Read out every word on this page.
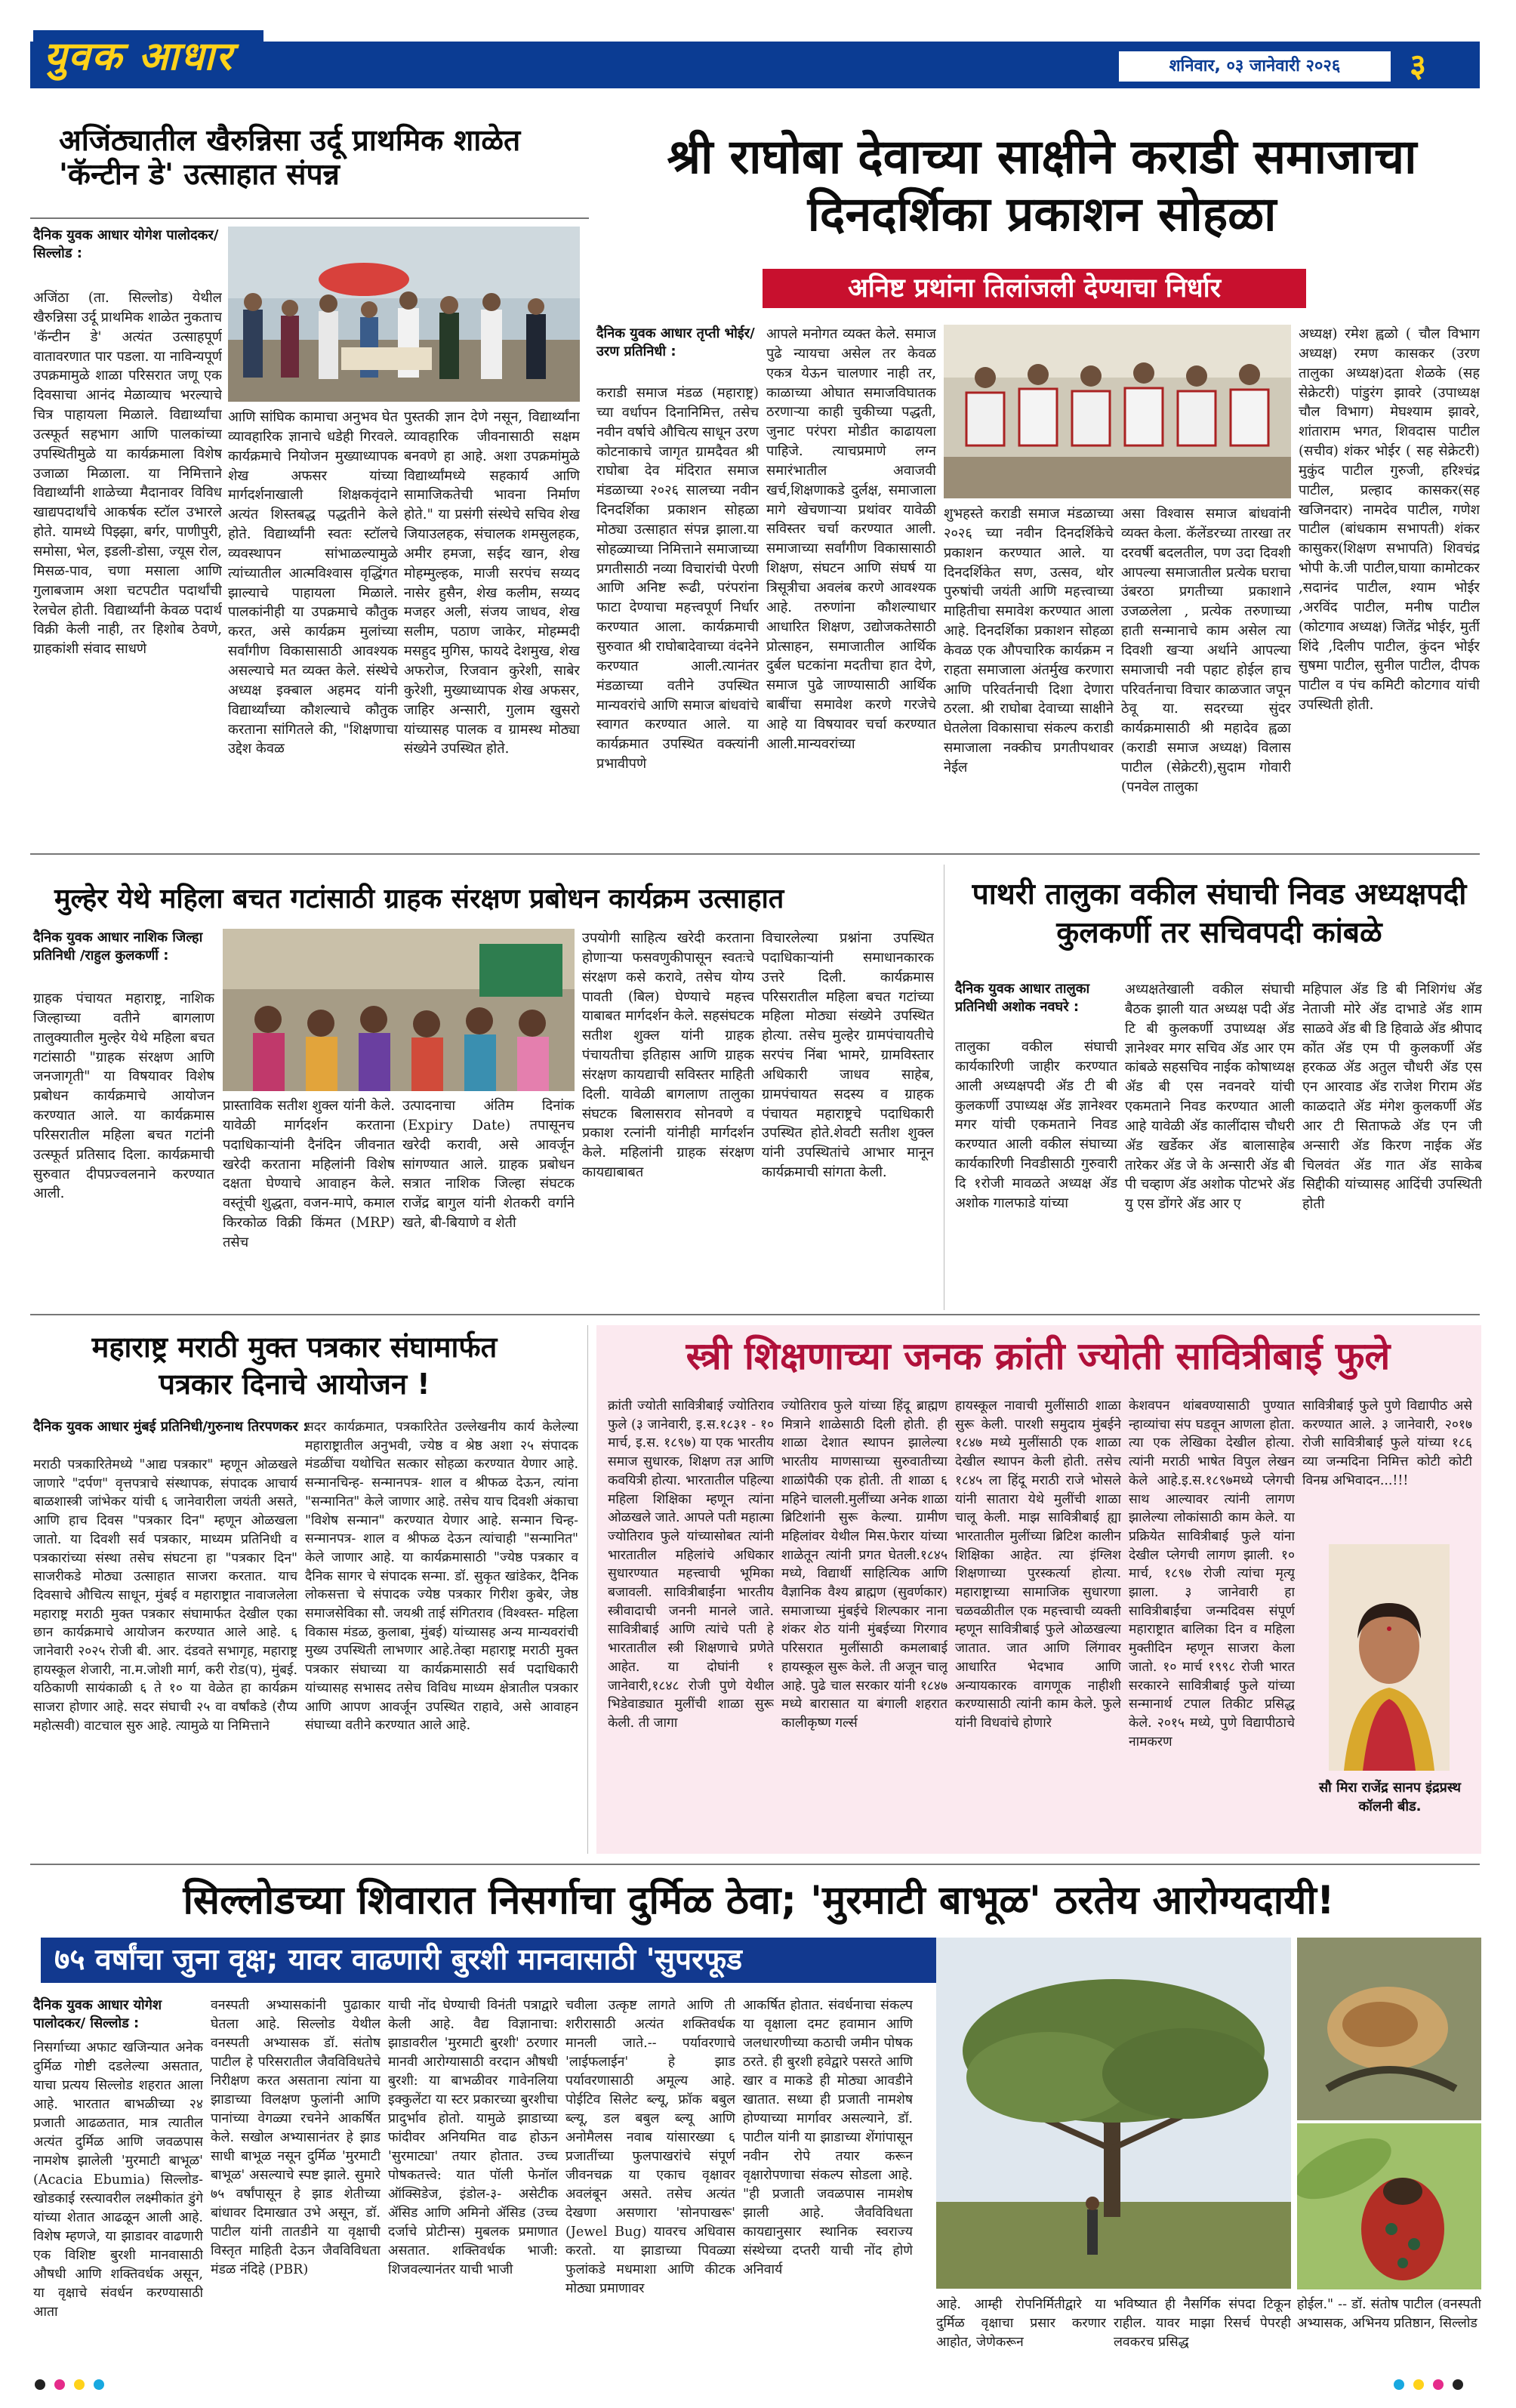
युवक आधार	शनिवार, ०३ जानेवारी २०२६	३
अजिंठ्यातील खैरुन्निसा उर्दू प्राथमिक शाळेत 'कॅन्टीन डे' उत्साहात संपन्न
दैनिक युवक आधार योगेश पालोदकर/ सिल्लोड :
अजिंठा (ता. सिल्लोड) येथील खैरुन्निसा उर्दू प्राथमिक शाळेत नुकताच 'कॅन्टीन डे' अत्यंत उत्साहपूर्ण वातावरणात पार पडला. या नाविन्यपूर्ण उपक्रमामुळे शाळा परिसरात जणू एक दिवसाचा आनंद मेळाव्याच भरल्याचे चित्र पाहायला मिळाले. विद्यार्थ्यांचा उत्स्फूर्त सहभाग आणि पालकांच्या उपस्थितीमुळे या कार्यक्रमाला विशेष उजाळा मिळाला. या निमित्ताने विद्यार्थ्यांनी शाळेच्या मैदानावर विविध खाद्यपदार्थांचे आकर्षक स्टॉल उभारले होते. यामध्ये पिझ्झा, बर्गर, पाणीपुरी, समोसा, भेल, इडली-डोसा, ज्यूस रोल, मिसळ-पाव, चणा मसाला आणि गुलाबजाम अशा चटपटीत पदार्थांची रेलचेल होती. विद्यार्थ्यांनी केवळ पदार्थ विक्री केली नाही, तर हिशोब ठेवणे, ग्राहकांशी संवाद साधणे
आणि सांघिक कामाचा अनुभव घेत व्यावहारिक ज्ञानाचे धडेही गिरवले. कार्यक्रमाचे नियोजन मुख्याध्यापक शेख अफसर यांच्या मार्गदर्शनाखाली शिक्षकवृंदाने अत्यंत शिस्तबद्ध पद्धतीने केले होते. विद्यार्थ्यांनी स्वतः स्टॉलचे व्यवस्थापन सांभाळल्यामुळे त्यांच्यातील आत्मविश्वास वृद्धिंगत झाल्याचे पाहायला मिळाले. पालकांनीही या उपक्रमाचे कौतुक करत, असे कार्यक्रम मुलांच्या सर्वांगीण विकासासाठी आवश्यक असल्याचे मत व्यक्त केले. संस्थेचे अध्यक्ष इक्बाल अहमद यांनी विद्यार्थ्यांच्या कौशल्याचे कौतुक करताना सांगितले की, "शिक्षणाचा उद्देश केवळ
पुस्तकी ज्ञान देणे नसून, विद्यार्थ्यांना व्यावहारिक जीवनासाठी सक्षम बनवणे हा आहे. अशा उपक्रमांमुळे विद्यार्थ्यांमध्ये सहकार्य आणि सामाजिकतेची भावना निर्माण होते." या प्रसंगी संस्थेचे सचिव शेख जियाउलहक, संचालक शमसुलहक, अमीर हमजा, सईद खान, शेख मोहम्मुल्हक, माजी सरपंच सय्यद नासेर हुसैन, शेख कलीम, सय्यद मजहर अली, संजय जाधव, शेख सलीम, पठाण जाकेर, मोहम्मदी मसहुद मुगिस, फायदे देशमुख, शेख अफरोज, रिजवान कुरेशी, साबेर कुरेशी, मुख्याध्यापक शेख अफसर, जाहिर अन्सारी, गुलाम खुसरो यांच्यासह पालक व ग्रामस्थ मोठ्या संख्येने उपस्थित होते.
श्री राघोबा देवाच्या साक्षीने कराडी समाजाचा दिनदर्शिका प्रकाशन सोहळा
अनिष्ट प्रथांना तिलांजली देण्याचा निर्धार
दैनिक युवक आधार तृप्ती भोईर/उरण प्रतिनिधी :
कराडी समाज मंडळ (महाराष्ट्र) च्या वर्धापन दिनानिमित्त, तसेच नवीन वर्षाचे औचित्य साधून उरण कोटनाकाचे जागृत ग्रामदैवत श्री राघोबा देव मंदिरात समाज मंडळाच्या २०२६ सालच्या नवीन दिनदर्शिका प्रकाशन सोहळा मोठ्या उत्साहात संपन्न झाला.या सोहळ्याच्या निमित्ताने समाजाच्या प्रगतीसाठी नव्या विचारांची पेरणी आणि अनिष्ट रूढी, परंपरांना फाटा देण्याचा महत्त्वपूर्ण निर्धार करण्यात आला. कार्यक्रमाची सुरुवात श्री राघोबादेवाच्या वंदनेने करण्यात आली.त्यानंतर मंडळाच्या वतीने उपस्थित मान्यवरांचे आणि समाज बांधवांचे स्वागत करण्यात आले. या कार्यक्रमात उपस्थित वक्त्यांनी प्रभावीपणे
आपले मनोगत व्यक्त केले. समाज पुढे न्यायचा असेल तर केवळ एकत्र येऊन चालणार नाही तर, काळाच्या ओघात समाजविघातक ठरणाऱ्या काही चुकीच्या पद्धती, जुनाट परंपरा मोडीत काढायला पाहिजे. त्याचप्रमाणे लग्न समारंभातील अवाजवी खर्च,शिक्षणाकडे दुर्लक्ष, समाजाला मागे खेचणाऱ्या प्रथांवर यावेळी सविस्तर चर्चा करण्यात आली. समाजाच्या सर्वांगीण विकासासाठी शिक्षण, संघटन आणि संघर्ष या त्रिसूत्रीचा अवलंब करणे आवश्यक आहे. तरुणांना कौशल्याधार आधारित शिक्षण, उद्योजकतेसाठी प्रोत्साहन, समाजातील आर्थिक दुर्बल घटकांना मदतीचा हात देणे, समाज पुढे जाण्यासाठी आर्थिक बाबींचा समावेश करणे गरजेचे आहे या विषयावर चर्चा करण्यात आली.मान्यवरांच्या
शुभहस्ते कराडी समाज मंडळाच्या २०२६ च्या नवीन दिनदर्शिकेचे प्रकाशन करण्यात आले. या दिनदर्शिकेत सण, उत्सव, थोर पुरुषांची जयंती आणि महत्त्वाच्या माहितीचा समावेश करण्यात आला आहे. दिनदर्शिका प्रकाशन सोहळा केवळ एक औपचारिक कार्यक्रम न राहता समाजाला अंतर्मुख करणारा आणि परिवर्तनाची दिशा देणारा ठरला. श्री राघोबा देवाच्या साक्षीने घेतलेला विकासाचा संकल्प कराडी समाजाला नक्कीच प्रगतीपथावर नेईल
असा विश्वास समाज बांधवांनी व्यक्त केला. कॅलेंडरच्या तारखा तर दरवर्षी बदलतील, पण उदा दिवशी आपल्या समाजातील प्रत्येक घराचा उंबरठा प्रगतीच्या प्रकाशाने उजळलेला , प्रत्येक तरुणाच्या हाती सन्मानाचे काम असेल त्या दिवशी खऱ्या अर्थाने आपल्या समाजाची नवी पहाट होईल हाच परिवर्तनाचा विचार काळजात जपून ठेवू या. सदरच्या सुंदर कार्यक्रमासाठी श्री महादेव ह्वळा (कराडी समाज अध्यक्ष) विलास पाटील (सेक्रेटरी),सुदाम गोवारी (पनवेल तालुका
अध्यक्ष) रमेश ह्वळो ( चौल विभाग अध्यक्ष) रमण कासकर (उरण तालुका अध्यक्ष)दता शेळके (सह सेक्रेटरी) पांडुरंग झावरे (उपाध्यक्ष चौल विभाग) मेघश्याम झावरे, शांताराम भगत, शिवदास पाटील (सचीव) शंकर भोईर ( सह सेक्रेटरी) मुकुंद पाटील गुरुजी, हरिश्चंद्र पाटील, प्रल्हाद कासकर(सह खजिनदार) नामदेव पाटील, गणेश पाटील (बांधकाम सभापती) शंकर कासुकर(शिक्षण सभापति) शिवचंद्र भोपी के.जी पाटील,घायाा कामोटकर ,सदानंद पाटील, श्याम भोईर ,अरविंद पाटील, मनीष पाटील (कोटगाव अध्यक्ष) जितेंद्र भोईर, मुर्ती शिंदे ,दिलीप पाटील, कुंदन भोईर सुषमा पाटील, सुनील पाटील, दीपक पाटील व पंच कमिटी कोटगाव यांची उपस्थिती होती.
मुल्हेर येथे महिला बचत गटांसाठी ग्राहक संरक्षण प्रबोधन कार्यक्रम उत्साहात
दैनिक युवक आधार नाशिक जिल्हा प्रतिनिधी /राहुल कुलकर्णी :
ग्राहक पंचायत महाराष्ट्र, नाशिक जिल्हाच्या वतीने बागलाण तालुक्यातील मुल्हेर येथे महिला बचत गटांसाठी "ग्राहक संरक्षण आणि जनजागृती" या विषयावर विशेष प्रबोधन कार्यक्रमाचे आयोजन करण्यात आले. या कार्यक्रमास परिसरातील महिला बचत गटांनी उत्स्फूर्त प्रतिसाद दिला. कार्यक्रमाची सुरुवात दीपप्रज्वलनाने करण्यात आली.
प्रास्ताविक सतीश शुक्ल यांनी केले. यावेळी मार्गदर्शन करताना पदाधिकाऱ्यांनी दैनंदिन जीवनात खरेदी करताना महिलांनी विशेष दक्षता घेण्याचे आवाहन केले. वस्तूंची शुद्धता, वजन-मापे, कमाल किरकोळ विक्री किंमत (MRP) तसेच
उत्पादनाचा अंतिम दिनांक (Expiry Date) तपासूनच खरेदी करावी, असे आवर्जून सांगण्यात आले. ग्राहक प्रबोधन सत्रात नाशिक जिल्हा संघटक राजेंद्र बागुल यांनी शेतकरी वर्गाने खते, बी-बियाणे व शेती
उपयोगी साहित्य खरेदी करताना होणाऱ्या फसवणुकीपासून स्वतःचे संरक्षण कसे करावे, तसेच योग्य पावती (बिल) घेण्याचे महत्त्व याबाबत मार्गदर्शन केले. सहसंघटक सतीश शुक्ल यांनी ग्राहक पंचायतीचा इतिहास आणि ग्राहक संरक्षण कायद्याची सविस्तर माहिती दिली. यावेळी बागलाण तालुका संघटक बिलासराव सोनवणे व प्रकाश रत्नांनी यांनीही मार्गदर्शन केले. महिलांनी ग्राहक संरक्षण कायद्याबाबत
विचारलेल्या प्रश्नांना उपस्थित पदाधिकाऱ्यांनी समाधानकारक उत्तरे दिली. कार्यक्रमास परिसरातील महिला बचत गटांच्या महिला मोठ्या संख्येने उपस्थित होत्या. तसेच मुल्हेर ग्रामपंचायतीचे सरपंच निंबा भामरे, ग्रामविस्तार अधिकारी जाधव साहेब, ग्रामपंचायत सदस्य व ग्राहक पंचायत महाराष्ट्रचे पदाधिकारी उपस्थित होते.शेवटी सतीश शुक्ल यांनी उपस्थितांचे आभार मानून कार्यक्रमाची सांगता केली.
पाथरी तालुका वकील संघाची निवड अध्यक्षपदी कुलकर्णी तर सचिवपदी कांबळे
दैनिक युवक आधार तालुका प्रतिनिधी अशोक नवघरे :
तालुका वकील संघाची कार्यकारिणी जाहीर करण्यात आली अध्यक्षपदी ॲड टी बी कुलकर्णी उपाध्यक्ष ॲड ज्ञानेश्वर मगर यांची एकमताने निवड करण्यात आली वकील संघाच्या कार्यकारिणी निवडीसाठी गुरुवारी दि १रोजी मावळते अध्यक्ष ॲड अशोक गालफाडे यांच्या
अध्यक्षतेखाली वकील संघाची बैठक झाली यात अध्यक्ष पदी ॲड टि बी कुलकर्णी उपाध्यक्ष ॲड ज्ञानेश्वर मगर सचिव ॲड आर एम कांबळे सहसचिव नाईक कोषाध्यक्ष ॲड बी एस नवनवरे यांची एकमताने निवड करण्यात आली आहे यावेळी ॲड कालींदास चौधरी ॲड खर्डेकर ॲड बालासाहेब तारेकर ॲड जे के अन्सारी ॲड बी पी चव्हाण ॲड अशोक पोटभरे ॲड यु एस डोंगरे ॲड आर ए
महिपाल ॲड डि बी निशिगंध ॲड नेताजी मोरे ॲड दाभाडे ॲड शाम साळवे ॲड बी डि हिवाळे ॲड श्रीपाद कोंत ॲड एम पी कुलकर्णी ॲड हरकळ ॲड अतुल चौधरी ॲड एस एन आरवाड ॲड राजेश गिराम ॲड काळदाते ॲड मंगेश कुलकर्णी ॲड आर टी सिताफळे ॲड एन जी अन्सारी ॲड किरण नाईक ॲड चिलवंत ॲड गात ॲड साकेब सिद्दीकी यांच्यासह आदिंची उपस्थिती होती
महाराष्ट्र मराठी मुक्त पत्रकार संघामार्फत पत्रकार दिनाचे आयोजन !
दैनिक युवक आधार मुंबई प्रतिनिधी/गुरुनाथ तिरपणकर :
मराठी पत्रकारितेमध्ये "आद्य पत्रकार" म्हणून ओळखले जाणारे "दर्पण" वृत्तपत्राचे संस्थापक, संपादक आचार्य बाळशास्त्री जांभेकर यांची ६ जानेवारीला जयंती असते, आणि हाच दिवस "पत्रकार दिन" म्हणून ओळखला जातो. या दिवशी सर्व पत्रकार, माध्यम प्रतिनिधी व पत्रकारांच्या संस्था तसेच संघटना हा "पत्रकार दिन" साजरीकडे मोठ्या उत्साहात साजरा करतात. याच दिवसाचे औचित्य साधून, मुंबई व महाराष्ट्रात नावाजलेला महाराष्ट्र मराठी मुक्त पत्रकार संघामार्फत देखील एका छान कार्यक्रमाचे आयोजन करण्यात आले आहे. ६ जानेवारी २०२५ रोजी बी. आर. दंडवते सभागृह, महाराष्ट्र हायस्कूल शेजारी, ना.म.जोशी मार्ग, करी रोड(प), मुंबई. यठिकाणी सायंकाळी ६ ते १० या वेळेत हा कार्यक्रम साजरा होणार आहे. सदर संघाची २५ वा वर्षांकडे (रौप्य महोत्सवी) वाटचाल सुरु आहे. त्यामुळे या निमित्ताने
सदर कार्यक्रमात, पत्रकारितेत उल्लेखनीय कार्य केलेल्या महाराष्ट्रातील अनुभवी, ज्येष्ठ व श्रेष्ठ अशा २५ संपादक मंडळींचा यथोचित सत्कार सोहळा करण्यात येणार आहे. सन्मानचिन्ह- सन्मानपत्र- शाल व श्रीफळ देऊन, त्यांना "सन्मानित" केले जाणार आहे. तसेच याच दिवशी अंकाचा "विशेष सन्मान" करण्यात येणार आहे. सन्मान चिन्ह- सन्मानपत्र- शाल व श्रीफळ देऊन त्यांचाही "सन्मानित" केले जाणार आहे. या कार्यक्रमासाठी "ज्येष्ठ पत्रकार व दैनिक सागर चे संपादक सन्मा. डॉ. सुकृत खांडेकर, दैनिक लोकसत्ता चे संपादक ज्येष्ठ पत्रकार गिरीश कुबेर, जेष्ठ समाजसेविका सौ. जयश्री ताई संगितराव (विश्वस्त- महिला विकास मंडळ, कुलाबा, मुंबई) यांच्यासह अन्य मान्यवरांची मुख्य उपस्थिती लाभणार आहे.तेव्हा महाराष्ट्र मराठी मुक्त पत्रकार संघाच्या या कार्यक्रमासाठी सर्व पदाधिकारी यांच्यासह सभासद तसेच विविध माध्यम क्षेत्रातील पत्रकार आणि आपण आवर्जून उपस्थित राहावे, असे आवाहन संघाच्या वतीने करण्यात आले आहे.
स्त्री शिक्षणाच्या जनक क्रांती ज्योती सावित्रीबाई फुले
क्रांती ज्योती सावित्रीबाई ज्योतिराव फुले (३ जानेवारी, इ.स.१८३१ - १० मार्च, इ.स. १८९७) या एक भारतीय समाज सुधारक, शिक्षण तज्ञ आणि कवयित्री होत्या. भारतातील पहिल्या महिला शिक्षिका म्हणून त्यांना ओळखले जाते. आपले पती महात्मा ज्योतिराव फुले यांच्यासोबत त्यांनी भारतातील महिलांचे अधिकार सुधारण्यात महत्त्वाची भूमिका बजावली. सावित्रीबाईंना भारतीय स्त्रीवादाची जननी मानले जाते. सावित्रीबाई आणि त्यांचे पती हे भारतातील स्त्री शिक्षणाचे प्रणेते आहेत. या दोघांनी १ जानेवारी,१८४८ रोजी पुणे येथील भिडेवाड्यात मुलींची शाळा सुरू केली. ती जागा
ज्योतिराव फुले यांच्या हिंदू ब्राह्मण मित्राने शाळेसाठी दिली होती. ही शाळा देशात स्थापन झालेल्या भारतीय माणसाच्या सुरुवातीच्या शाळांपैकी एक होती. ती शाळा ६ महिने चालली.मुलींच्या अनेक शाळा ब्रिटिशांनी सुरू केल्या. ग्रामीण महिलांवर येथील मिस.फेरार यांच्या शाळेतून त्यांनी प्रगत घेतली.१८४५ मध्ये, विद्यार्थी साहित्यिक आणि वैज्ञानिक वैश्य ब्राह्मण (सुवर्णकार) समाजाच्या मुंबईचे शिल्पकार नाना शंकर शेठ यांनी मुंबईच्या गिरगाव परिसरात मुलींसाठी कमलाबाई हायस्कूल सुरू केले. ती अजून चालू आहे. पुढे चाल सरकार यांनी १८४७ मध्ये बारासात या बंगाली शहरात कालीकृष्ण गर्ल्स
हायस्कूल नावाची मुलींसाठी शाळा सुरू केली. पारशी समुदाय मुंबईने १८४७ मध्ये मुलींसाठी एक शाळा देखील स्थापन केली होती. तसेच १८४५ ला हिंदू मराठी राजे भोसले यांनी सातारा येथे मुलींची शाळा चालू केली. माझ सावित्रीबाई ह्या भारतातील मुलींच्या ब्रिटिश कालीन शिक्षिका आहेत. त्या इंग्लिश शिक्षणाच्या पुरस्कर्त्या होत्या. महाराष्ट्राच्या सामाजिक सुधारणा चळवळीतील एक महत्त्वाची व्यक्ती म्हणून सावित्रीबाई फुले ओळखल्या जातात. जात आणि लिंगावर आधारित भेदभाव आणि अन्यायकारक वागणूक नाहीशी करण्यासाठी त्यांनी काम केले. फुले यांनी विधवांचे होणारे
केशवपन थांबवण्यासाठी पुण्यात न्हाव्यांचा संप घडवून आणला होता. त्या एक लेखिका देखील होत्या. त्यांनी मराठी भाषेत विपुल लेखन केले आहे.इ.स.१८९७मध्ये प्लेगची साथ आल्यावर त्यांनी लागण झालेल्या लोकांसाठी काम केले. या प्रक्रियेत सावित्रीबाई फुले यांना देखील प्लेगची लागण झाली. १० मार्च, १८९७ रोजी त्यांचा मृत्यू झाला. ३ जानेवारी हा सावित्रीबाईंचा जन्मदिवस संपूर्ण महाराष्ट्रात बालिका दिन व महिला मुक्तीदिन म्हणून साजरा केला जातो. १० मार्च १९९८ रोजी भारत सरकारने सावित्रीबाई फुले यांच्या सन्मानार्थ टपाल तिकीट प्रसिद्ध केले. २०१५ मध्ये, पुणे विद्यापीठाचे नामकरण
सावित्रीबाई फुले पुणे विद्यापीठ असे करण्यात आले. ३ जानेवारी, २०१७ रोजी सावित्रीबाई फुले यांच्या १८६ व्या जन्मदिना निमित्त कोटी कोटी विनम्र अभिवादन...!!!
सौ मिरा राजेंद्र सानप इंद्रप्रस्थ कॉलनी बीड.
सिल्लोडच्या शिवारात निसर्गाचा दुर्मिळ ठेवा; 'मुरमाटी बाभूळ' ठरतेय आरोग्यदायी!
७५ वर्षांचा जुना वृक्ष; यावर वाढणारी बुरशी मानवासाठी 'सुपरफूड
दैनिक युवक आधार योगेश पालोदकर/ सिल्लोड :
निसर्गाच्या अफाट खजिन्यात अनेक दुर्मिळ गोष्टी दडलेल्या असतात, याचा प्रत्यय सिल्लोड शहरात आला आहे. भारतात बाभळीच्या २४ प्रजाती आढळतात, मात्र त्यातील अत्यंत दुर्मिळ आणि जवळपास नामशेष झालेली 'मुरमाटी बाभूळ' (Acacia Ebumia) सिल्लोड-खोडकाई रस्त्यावरील लक्ष्मीकांत डुंगे यांच्या शेतात आढळून आली आहे. विशेष म्हणजे, या झाडावर वाढणारी एक विशिष्ट बुरशी मानवासाठी औषधी आणि शक्तिवर्धक असून, या वृक्षाचे संवर्धन करण्यासाठी आता
वनस्पती अभ्यासकांनी पुढाकार घेतला आहे. सिल्लोड येथील वनस्पती अभ्यासक डॉ. संतोष पाटील हे परिसरातील जैवविविधतेचे निरीक्षण करत असताना त्यांना या झाडाच्या विलक्षण फुलांनी आणि पानांच्या वेगळ्या रचनेने आकर्षित केले. सखोल अभ्यासानंतर हे झाड साधी बाभूळ नसून दुर्मिळ 'मुरमाटी बाभूळ' असल्याचे स्पष्ट झाले. सुमारे ७५ वर्षांपासून हे झाड शेतीच्या बांधावर दिमाखात उभे असून, डॉ. पाटील यांनी तातडीने या वृक्षाची विस्तृत माहिती देऊन जैवविविधता मंडळ नंदिहे (PBR)
याची नोंद घेण्याची विनंती पत्राद्वारे केली आहे. वैद्य विज्ञानाचा: झाडावरील 'मुरमाटी बुरशी' ठरणार मानवी आरोग्यासाठी वरदान औषधी बुरशी: या बाभळीवर गावेनलिया इक्कुलेंटा या स्टर प्रकारच्या बुरशीचा प्रादुर्भाव होतो. यामुळे झाडाच्या फांदीवर अनियमित वाढ होऊन 'सुरमाट्या' तयार होतात. उच्च पोषकतत्त्वे: यात पॉली फेनॉल ऑक्सिडेज, इंडोल-३- असेटीक ॲसिड आणि अमिनो ॲसिड (उच्च दर्जाचे प्रोटीन्स) मुबलक प्रमाणात असतात. शक्तिवर्धक भाजी: शिजवल्यानंतर याची भाजी
चवीला उत्कृष्ट लागते आणि ती शरीरासाठी अत्यंत शक्तिवर्धक मानली जाते.-- पर्यावरणाचे 'लाईफलाईन' हे झाड पर्यावरणासाठी अमूल्य आहे. पोईटिव सिलेट ब्ल्यू, फ्रॉक बबुल ब्ल्यू, डल बबुल ब्ल्यू आणि अनोमैलस नवाब यांसारख्या ६ प्रजातींच्या फुलपाखरांचे संपूर्ण जीवनचक्र या एकाच वृक्षावर अवलंबून असते. तसेच अत्यंत देखणा असणारा 'सोनपाखरू' (Jewel Bug) यावरच अधिवास करतो. या झाडाच्या पिवळ्या फुलांकडे मधमाशा आणि कीटक मोठ्या प्रमाणावर
आकर्षित होतात. संवर्धनाचा संकल्प या वृक्षाला दमट हवामान आणि जलधारणीच्या कठाची जमीन पोषक ठरते. ही बुरशी हवेद्वारे पसरते आणि खार व माकडे ही मोठ्या आवडीने खातात. सध्या ही प्रजाती नामशेष होण्याच्या मार्गावर असल्याने, डॉ. पाटील यांनी या झाडाच्या शेंगांपासून नवीन रोपे तयार करून वृक्षारोपणाचा संकल्प सोडला आहे. "ही प्रजाती जवळपास नामशेष झाली आहे. जैवविविधता कायद्यानुसार स्थानिक स्वराज्य संस्थेच्या दप्तरी याची नोंद होणे अनिवार्य
आहे. आम्ही रोपनिर्मितीद्वारे या दुर्मिळ वृक्षाचा प्रसार करणार आहोत, जेणेकरून
भविष्यात ही नैसर्गिक संपदा टिकून राहील. यावर माझा रिसर्च पेपरही लवकरच प्रसिद्ध
होईल." -- डॉ. संतोष पाटील (वनस्पती अभ्यासक, अभिनय प्रतिष्ठान, सिल्लोड
